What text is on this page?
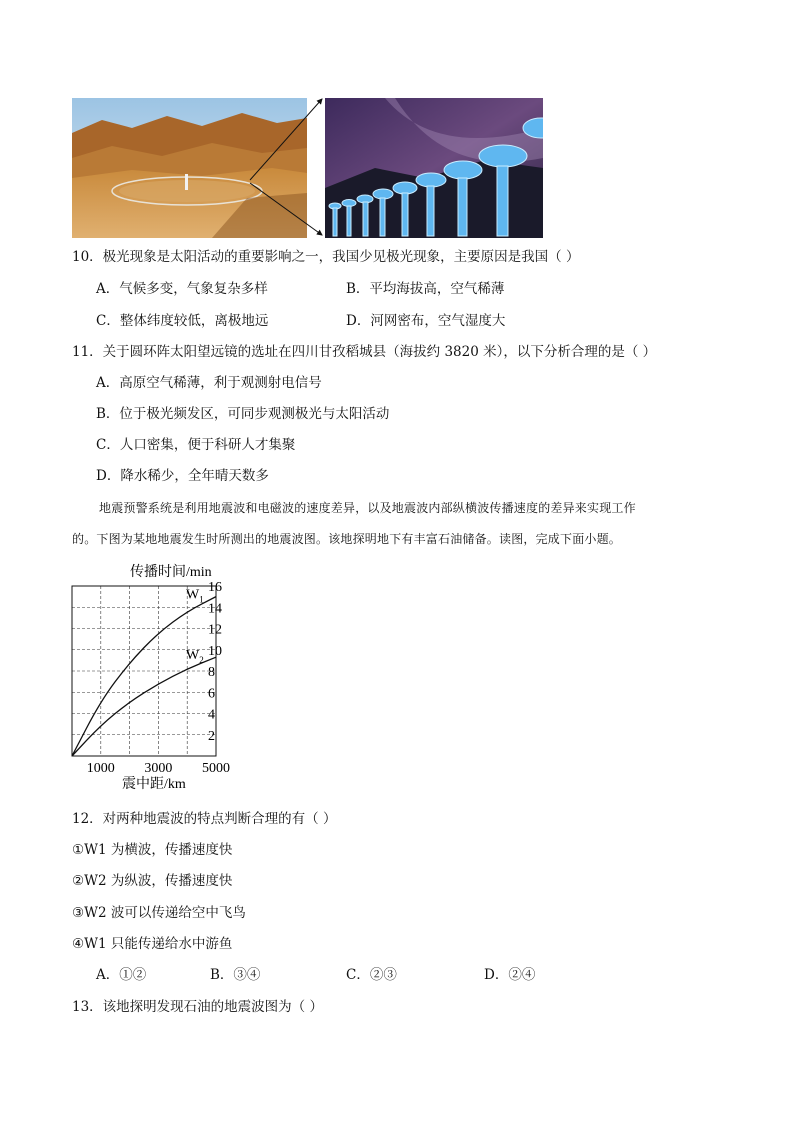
10．极光现象是太阳活动的重要影响之一，我国少见极光现象，主要原因是我国（ ）
A．气候多变，气象复杂多样	B．平均海拔高，空气稀薄
C．整体纬度较低，离极地远	D．河网密布，空气湿度大
11．关于圆环阵太阳望远镜的选址在四川甘孜稻城县（海拔约 3820 米），以下分析合理的是（ ）
A．高原空气稀薄，利于观测射电信号
B．位于极光频发区，可同步观测极光与太阳活动
C．人口密集，便于科研人才集聚
D．降水稀少，全年晴天数多
地震预警系统是利用地震波和电磁波的速度差异，以及地震波内部纵横波传播速度的差异来实现工作
的。下图为某地地震发生时所测出的地震波图。该地探明地下有丰富石油储备。读图，完成下面小题。
传播时间/min
2
4
6
8
10
12
14
16
1000 3000 5000
$W_1$
$W_2$
震中距/km
12．对两种地震波的特点判断合理的有（ ）
①W1 为横波，传播速度快
②W2 为纵波，传播速度快
③W2 波可以传递给空中飞鸟
④W1 只能传递给水中游鱼
A．①②	B．③④	C．②③	D．②④
13．该地探明发现石油的地震波图为（ ）
